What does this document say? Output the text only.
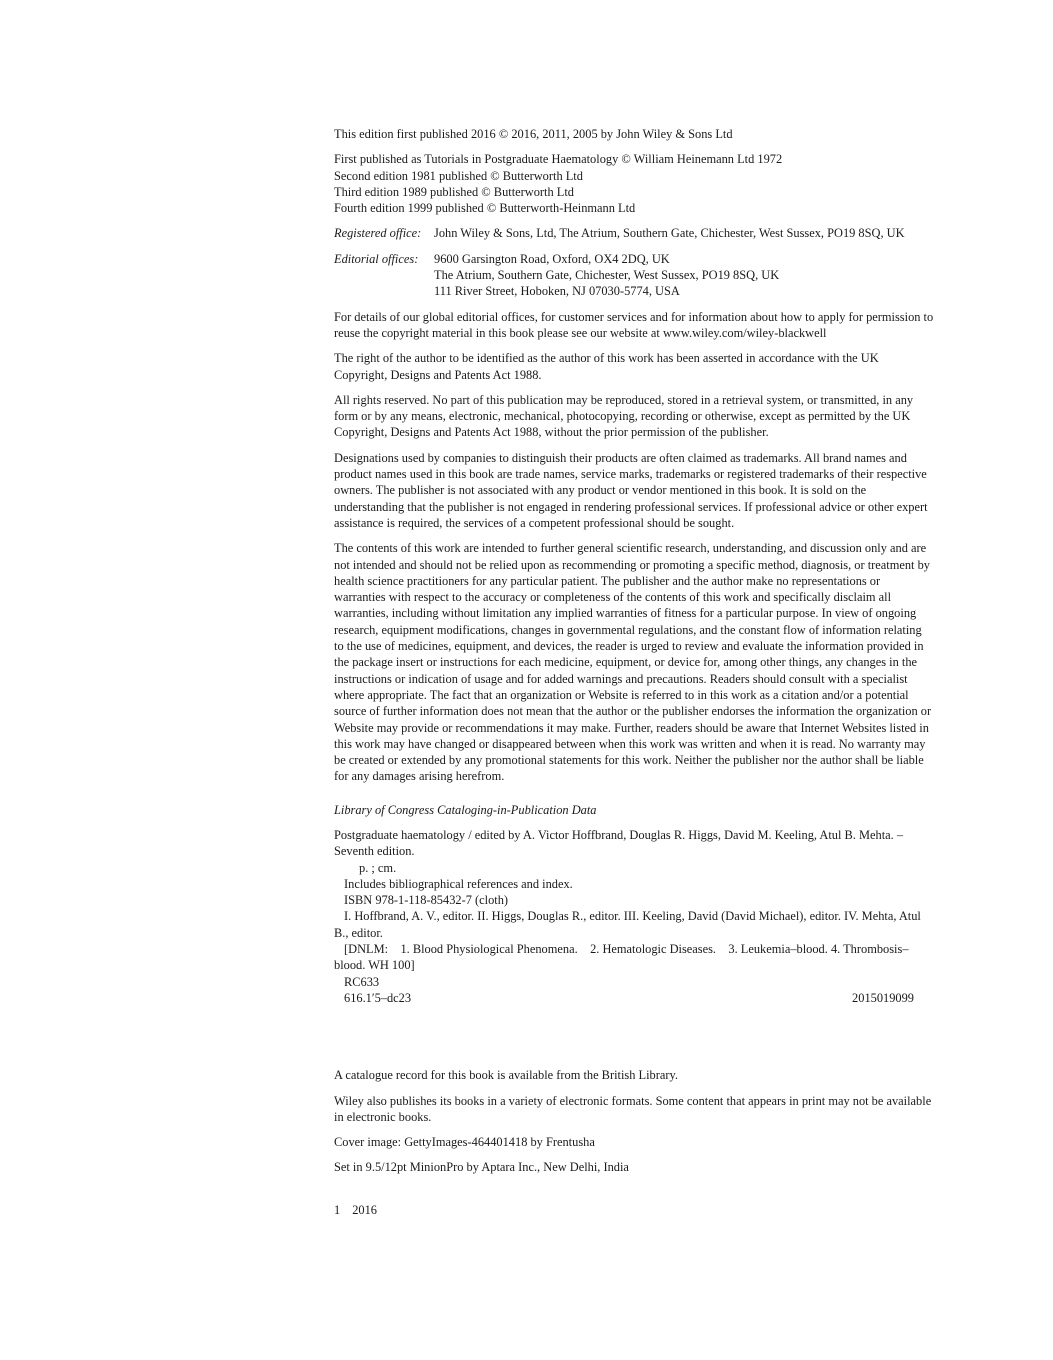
This edition first published 2016 © 2016, 2011, 2005 by John Wiley & Sons Ltd

First published as Tutorials in Postgraduate Haematology © William Heinemann Ltd 1972

Second edition 1981 published © Butterworth Ltd

Third edition 1989 published © Butterworth Ltd

Fourth edition 1999 published © Butterworth-Heinmann Ltd

Registered office:	John Wiley & Sons, Ltd, The Atrium, Southern Gate, Chichester, West Sussex, PO19 8SQ, UK
Editorial offices:	9600 Garsington Road, Oxford, OX4 2DQ, UK

The Atrium, Southern Gate, Chichester, West Sussex, PO19 8SQ, UK

111 River Street, Hoboken, NJ 07030-5774, USA

For details of our global editorial offices, for customer services and for information about how to apply for permission to reuse the copyright material in this book please see our website at www.wiley.com/wiley-blackwell

The right of the author to be identified as the author of this work has been asserted in accordance with the UK Copyright, Designs and Patents Act 1988.

All rights reserved. No part of this publication may be reproduced, stored in a retrieval system, or transmitted, in any form or by any means, electronic, mechanical, photocopying, recording or otherwise, except as permitted by the UK Copyright, Designs and Patents Act 1988, without the prior permission of the publisher.

Designations used by companies to distinguish their products are often claimed as trademarks. All brand names and product names used in this book are trade names, service marks, trademarks or registered trademarks of their respective owners. The publisher is not associated with any product or vendor mentioned in this book. It is sold on the understanding that the publisher is not engaged in rendering professional services. If professional advice or other expert assistance is required, the services of a competent professional should be sought.

The contents of this work are intended to further general scientific research, understanding, and discussion only and are not intended and should not be relied upon as recommending or promoting a specific method, diagnosis, or treatment by health science practitioners for any particular patient. The publisher and the author make no representations or warranties with respect to the accuracy or completeness of the contents of this work and specifically disclaim all warranties, including without limitation any implied warranties of fitness for a particular purpose. In view of ongoing research, equipment modifications, changes in governmental regulations, and the constant flow of information relating to the use of medicines, equipment, and devices, the reader is urged to review and evaluate the information provided in the package insert or instructions for each medicine, equipment, or device for, among other things, any changes in the instructions or indication of usage and for added warnings and precautions. Readers should consult with a specialist where appropriate. The fact that an organization or Website is referred to in this work as a citation and/or a potential source of further information does not mean that the author or the publisher endorses the information the organization or Website may provide or recommendations it may make. Further, readers should be aware that Internet Websites listed in this work may have changed or disappeared between when this work was written and when it is read. No warranty may be created or extended by any promotional statements for this work. Neither the publisher nor the author shall be liable for any damages arising herefrom.

Library of Congress Cataloging-in-Publication Data

Postgraduate haematology / edited by A. Victor Hoffbrand, Douglas R. Higgs, David M. Keeling, Atul B. Mehta. – Seventh edition.

p. ; cm.

Includes bibliographical references and index.

ISBN 978-1-118-85432-7 (cloth)

I. Hoffbrand, A. V., editor. II. Higgs, Douglas R., editor. III. Keeling, David (David Michael), editor. IV. Mehta, Atul B., editor.

[DNLM:    1. Blood Physiological Phenomena.    2. Hematologic Diseases.    3. Leukemia–blood. 4. Thrombosis–blood. WH 100]

RC633

616.1′5–dc23	2015019099

A catalogue record for this book is available from the British Library.

Wiley also publishes its books in a variety of electronic formats. Some content that appears in print may not be available in electronic books.

Cover image: GettyImages-464401418 by Frentusha

Set in 9.5/12pt MinionPro by Aptara Inc., New Delhi, India

1 2016
